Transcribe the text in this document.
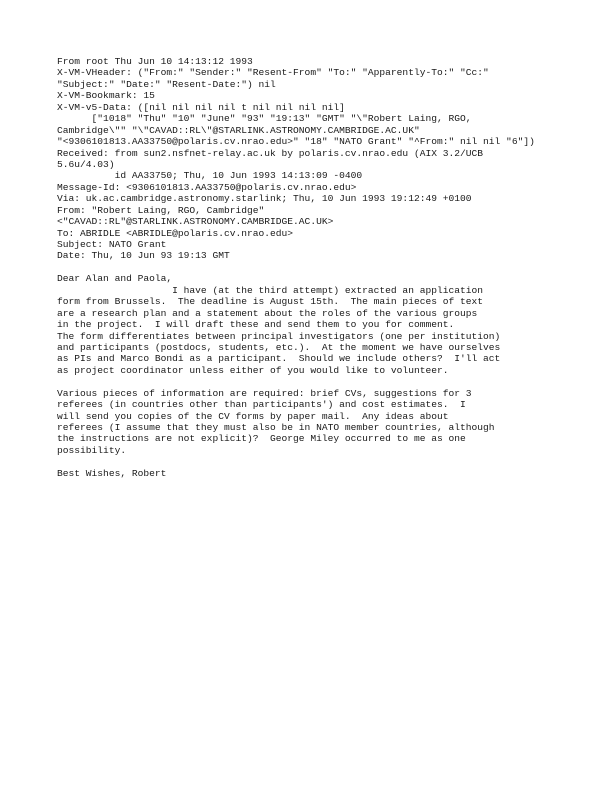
From root Thu Jun 10 14:13:12 1993
X-VM-VHeader: ("From:" "Sender:" "Resent-From" "To:" "Apparently-To:" "Cc:"
"Subject:" "Date:" "Resent-Date:") nil
X-VM-Bookmark: 15
X-VM-v5-Data: ([nil nil nil nil t nil nil nil nil]
["1018" "Thu" "10" "June" "93" "19:13" "GMT" "\"Robert Laing, RGO,
Cambridge\"" "\"CAVAD::RL\"@STARLINK.ASTRONOMY.CAMBRIDGE.AC.UK"
"<9306101813.AA33750@polaris.cv.nrao.edu>" "18" "NATO Grant" "^From:" nil nil "6"])
Received: from sun2.nsfnet-relay.ac.uk by polaris.cv.nrao.edu (AIX 3.2/UCB
5.6u/4.03)
id AA33750; Thu, 10 Jun 1993 14:13:09 -0400
Message-Id: <9306101813.AA33750@polaris.cv.nrao.edu>
Via: uk.ac.cambridge.astronomy.starlink; Thu, 10 Jun 1993 19:12:49 +0100
From: "Robert Laing, RGO, Cambridge"
<"CAVAD::RL"@STARLINK.ASTRONOMY.CAMBRIDGE.AC.UK>
To: ABRIDLE <ABRIDLE@polaris.cv.nrao.edu>
Subject: NATO Grant
Date: Thu, 10 Jun 93 19:13 GMT
Dear Alan and Paola,
I have (at the third attempt) extracted an application
form from Brussels.  The deadline is August 15th.  The main pieces of text
are a research plan and a statement about the roles of the various groups
in the project.  I will draft these and send them to you for comment.
The form differentiates between principal investigators (one per institution)
and participants (postdocs, students, etc.).  At the moment we have ourselves
as PIs and Marco Bondi as a participant.  Should we include others?  I'll act
as project coordinator unless either of you would like to volunteer.
Various pieces of information are required: brief CVs, suggestions for 3
referees (in countries other than participants') and cost estimates.  I
will send you copies of the CV forms by paper mail.  Any ideas about
referees (I assume that they must also be in NATO member countries, although
the instructions are not explicit)?  George Miley occurred to me as one
possibility.
Best Wishes, Robert
